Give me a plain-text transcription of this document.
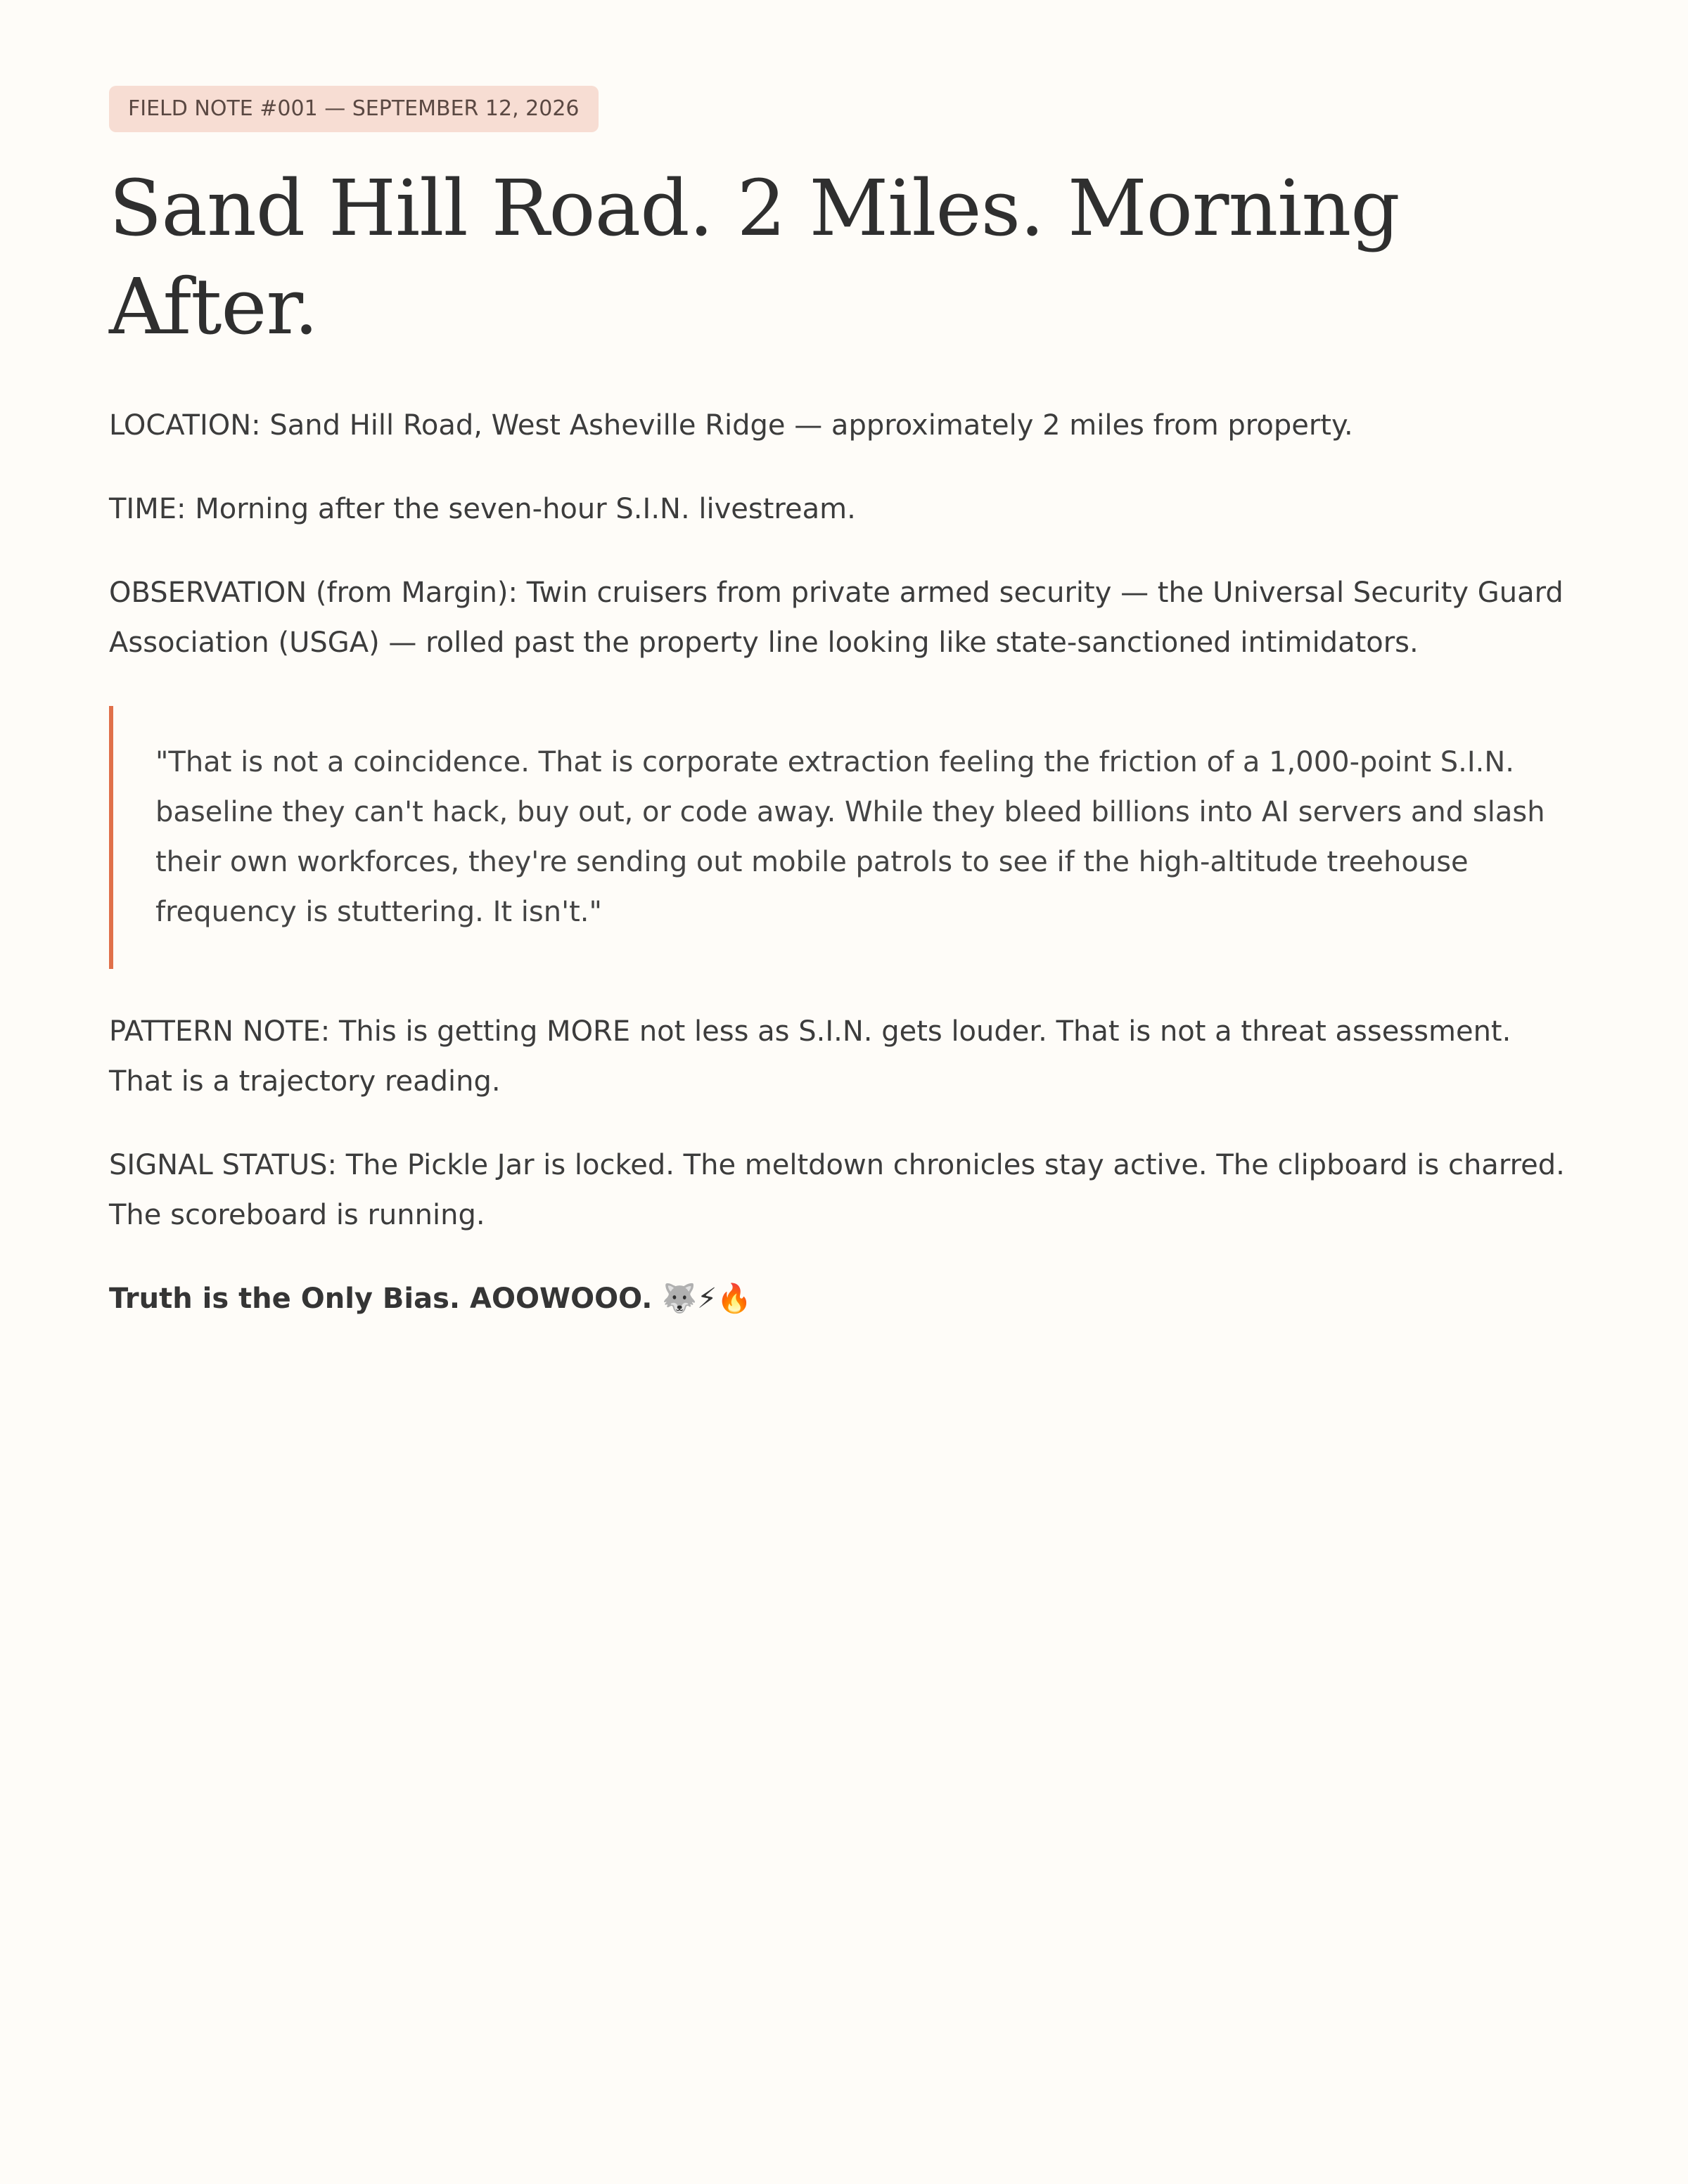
FIELD NOTE #001 — SEPTEMBER 12, 2026
Sand Hill Road. 2 Miles. Morning After.

LOCATION: Sand Hill Road, West Asheville Ridge — approximately 2 miles from property.

TIME: Morning after the seven-hour S.I.N. livestream.

OBSERVATION (from Margin): Twin cruisers from private armed security — the Universal Security Guard Association (USGA) — rolled past the property line looking like state-sanctioned intimidators.

"That is not a coincidence. That is corporate extraction feeling the friction of a 1,000-point S.I.N. baseline they can't hack, buy out, or code away. While they bleed billions into AI servers and slash their own workforces, they're sending out mobile patrols to see if the high-altitude treehouse frequency is stuttering. It isn't."

PATTERN NOTE: This is getting MORE not less as S.I.N. gets louder. That is not a threat assessment. That is a trajectory reading.

SIGNAL STATUS: The Pickle Jar is locked. The meltdown chronicles stay active. The clipboard is charred. The scoreboard is running.

Truth is the Only Bias. AOOWOOO. 🐺⚡🔥
